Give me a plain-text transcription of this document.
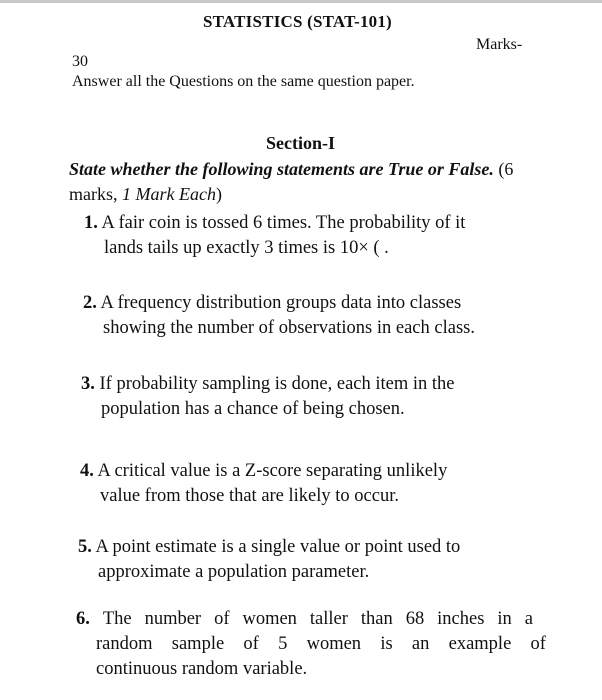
STATISTICS (STAT-101)
Marks-
30
Answer all the Questions on the same question paper.
Section-I
State whether the following statements are True or False. (6 marks, 1 Mark Each)
1. A fair coin is tossed 6 times. The probability of it
lands tails up exactly 3 times is 10× ( .
2. A frequency distribution groups data into classes
showing the number of observations in each class.
3. If probability sampling is done, each item in the
population has a chance of being chosen.
4. A critical value is a Z-score separating unlikely
value from those that are likely to occur.
5. A point estimate is a single value or point used to
approximate a population parameter.
6. The number of women taller than 68 inches in a
random sample of 5 women is an example of
continuous random variable.
